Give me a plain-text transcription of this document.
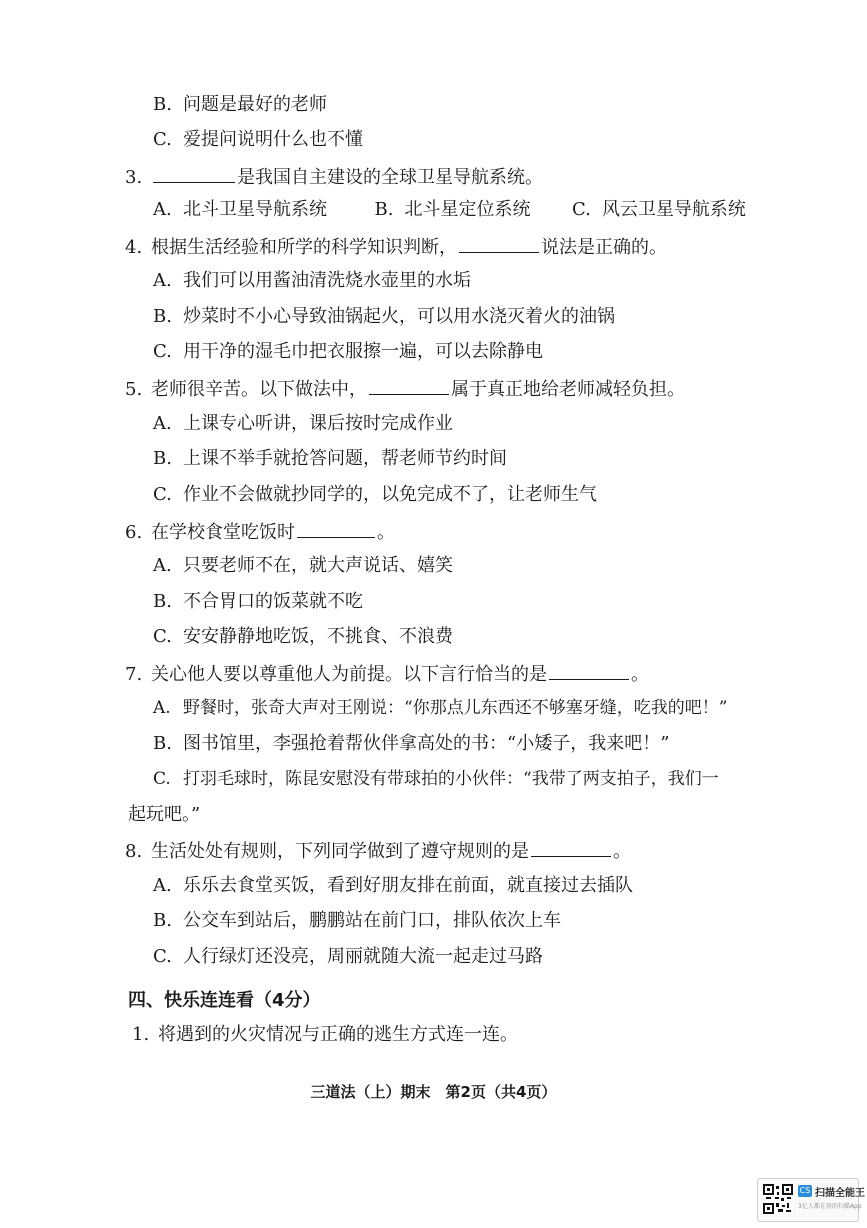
B. 问题是最好的老师
C. 爱提问说明什么也不懂
3.	是我国自主建设的全球卫星导航系统。
A. 北斗卫星导航系统	B. 北斗星定位系统 C. 风云卫星导航系统
4. 根据生活经验和所学的科学知识判断，	说法是正确的。
A. 我们可以用酱油清洗烧水壶里的水垢
B. 炒菜时不小心导致油锅起火，可以用水浇灭着火的油锅
C. 用干净的湿毛巾把衣服擦一遍，可以去除静电
5. 老师很辛苦。以下做法中，	属于真正地给老师减轻负担。
A. 上课专心听讲，课后按时完成作业
B. 上课不举手就抢答问题，帮老师节约时间
C. 作业不会做就抄同学的，以免完成不了，让老师生气
6. 在学校食堂吃饭时	。
A. 只要老师不在，就大声说话、嬉笑
B. 不合胃口的饭菜就不吃
C. 安安静静地吃饭，不挑食、不浪费
7. 关心他人要以尊重他人为前提。以下言行恰当的是	。
A. 野餐时，张奇大声对王刚说：“你那点儿东西还不够塞牙缝，吃我的吧！”
B. 图书馆里，李强抢着帮伙伴拿高处的书：“小矮子，我来吧！”
C. 打羽毛球时，陈昆安慰没有带球拍的小伙伴：“我带了两支拍子，我们一
起玩吧。”
8. 生活处处有规则，下列同学做到了遵守规则的是	。
A. 乐乐去食堂买饭，看到好朋友排在前面，就直接过去插队
B. 公交车到站后，鹏鹏站在前门口，排队依次上车
C. 人行绿灯还没亮，周丽就随大流一起走过马路
四、快乐连连看（4分）
1. 将遇到的火灾情况与正确的逃生方式连一连。
三道法（上）期末　第2页（共4页）
CS 扫描全能王
3亿人都在用的扫描App
